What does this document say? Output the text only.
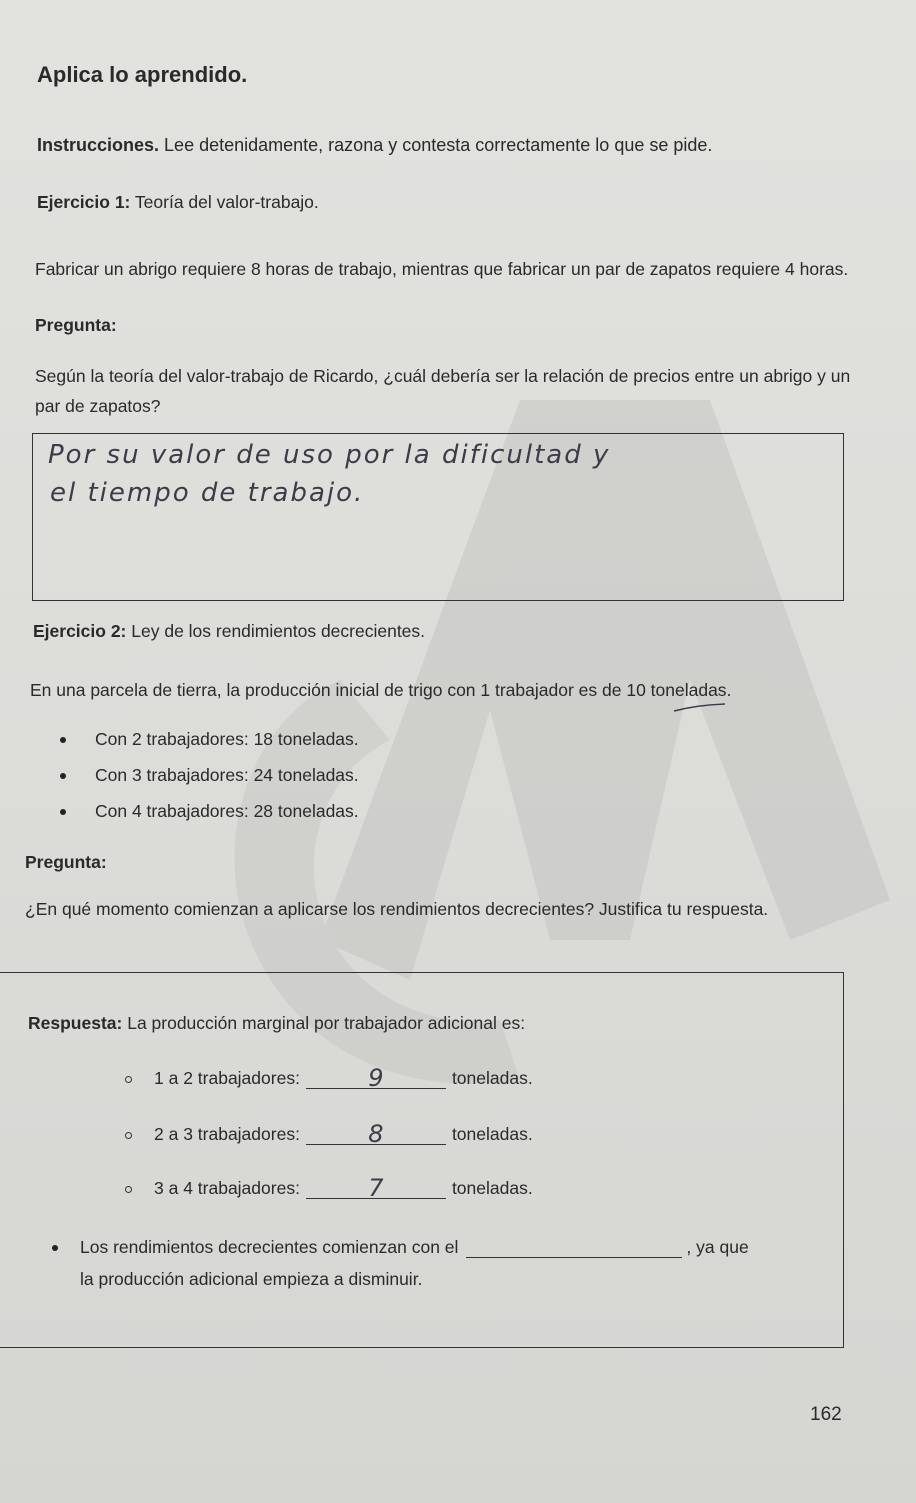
Aplica lo aprendido.
Instrucciones. Lee detenidamente, razona y contesta correctamente lo que se pide.
Ejercicio 1: Teoría del valor-trabajo.
Fabricar un abrigo requiere 8 horas de trabajo, mientras que fabricar un par de zapatos requiere 4 horas.
Pregunta:
Según la teoría del valor-trabajo de Ricardo, ¿cuál debería ser la relación de precios entre un abrigo y un par de zapatos?
Por su valor de uso por la dificultad y
el tiempo de trabajo.
Ejercicio 2: Ley de los rendimientos decrecientes.
En una parcela de tierra, la producción inicial de trigo con 1 trabajador es de 10 toneladas.
Con 2 trabajadores: 18 toneladas.
Con 3 trabajadores: 24 toneladas.
Con 4 trabajadores: 28 toneladas.
Pregunta:
¿En qué momento comienzan a aplicarse los rendimientos decrecientes? Justifica tu respuesta.
Respuesta: La producción marginal por trabajador adicional es:
1 a 2 trabajadores:	9	toneladas.
2 a 3 trabajadores:	8	toneladas.
3 a 4 trabajadores:	7	toneladas.
Los rendimientos decrecientes comienzan con el	, ya que
la producción adicional empieza a disminuir.
162
